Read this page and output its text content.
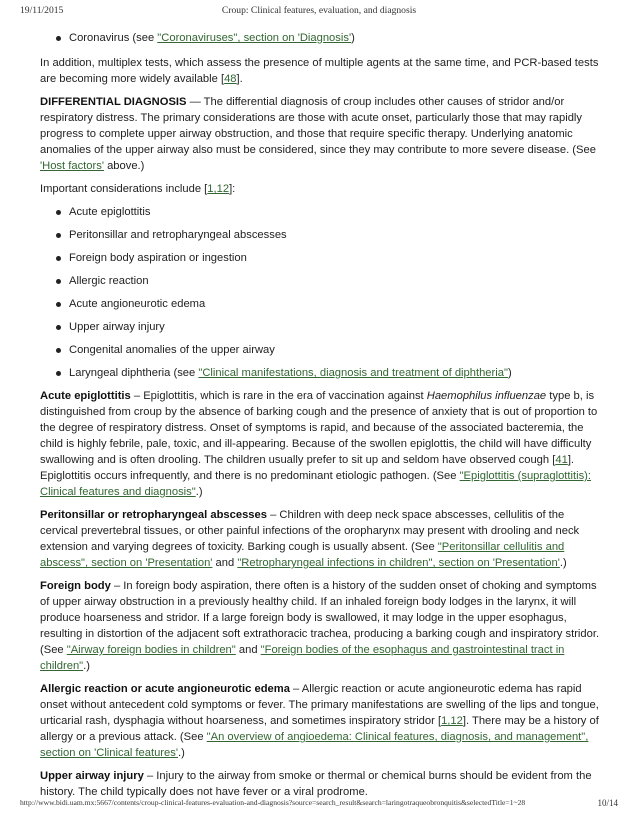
19/11/2015	Croup: Clinical features, evaluation, and diagnosis
Coronavirus (see "Coronaviruses", section on 'Diagnosis')

In addition, multiplex tests, which assess the presence of multiple agents at the same time, and PCR-based tests are becoming more widely available [48].

DIFFERENTIAL DIAGNOSIS — The differential diagnosis of croup includes other causes of stridor and/or respiratory distress. The primary considerations are those with acute onset, particularly those that may rapidly progress to complete upper airway obstruction, and those that require specific therapy. Underlying anatomic anomalies of the upper airway also must be considered, since they may contribute to more severe disease. (See 'Host factors' above.)

Important considerations include [1,12]:

Acute epiglottitis
Peritonsillar and retropharyngeal abscesses
Foreign body aspiration or ingestion
Allergic reaction
Acute angioneurotic edema
Upper airway injury
Congenital anomalies of the upper airway
Laryngeal diphtheria (see "Clinical manifestations, diagnosis and treatment of diphtheria")

Acute epiglottitis – Epiglottitis, which is rare in the era of vaccination against Haemophilus influenzae type b, is distinguished from croup by the absence of barking cough and the presence of anxiety that is out of proportion to the degree of respiratory distress. Onset of symptoms is rapid, and because of the associated bacteremia, the child is highly febrile, pale, toxic, and ill-appearing. Because of the swollen epiglottis, the child will have difficulty swallowing and is often drooling. The children usually prefer to sit up and seldom have observed cough [41]. Epiglottitis occurs infrequently, and there is no predominant etiologic pathogen. (See "Epiglottitis (supraglottitis): Clinical features and diagnosis".)

Peritonsillar or retropharyngeal abscesses – Children with deep neck space abscesses, cellulitis of the cervical prevertebral tissues, or other painful infections of the oropharynx may present with drooling and neck extension and varying degrees of toxicity. Barking cough is usually absent. (See "Peritonsillar cellulitis and abscess", section on 'Presentation' and "Retropharyngeal infections in children", section on 'Presentation'.)

Foreign body – In foreign body aspiration, there often is a history of the sudden onset of choking and symptoms of upper airway obstruction in a previously healthy child. If an inhaled foreign body lodges in the larynx, it will produce hoarseness and stridor. If a large foreign body is swallowed, it may lodge in the upper esophagus, resulting in distortion of the adjacent soft extrathoracic trachea, producing a barking cough and inspiratory stridor. (See "Airway foreign bodies in children" and "Foreign bodies of the esophagus and gastrointestinal tract in children".)

Allergic reaction or acute angioneurotic edema – Allergic reaction or acute angioneurotic edema has rapid onset without antecedent cold symptoms or fever. The primary manifestations are swelling of the lips and tongue, urticarial rash, dysphagia without hoarseness, and sometimes inspiratory stridor [1,12]. There may be a history of allergy or a previous attack. (See "An overview of angioedema: Clinical features, diagnosis, and management", section on 'Clinical features'.)

Upper airway injury – Injury to the airway from smoke or thermal or chemical burns should be evident from the history. The child typically does not have fever or a viral prodrome.

http://www.bidi.uam.mx:5667/contents/croup-clinical-features-evaluation-and-diagnosis?source=search_result&search=laringotraqueobronquitis&selectedTitle=1~28	10/14
